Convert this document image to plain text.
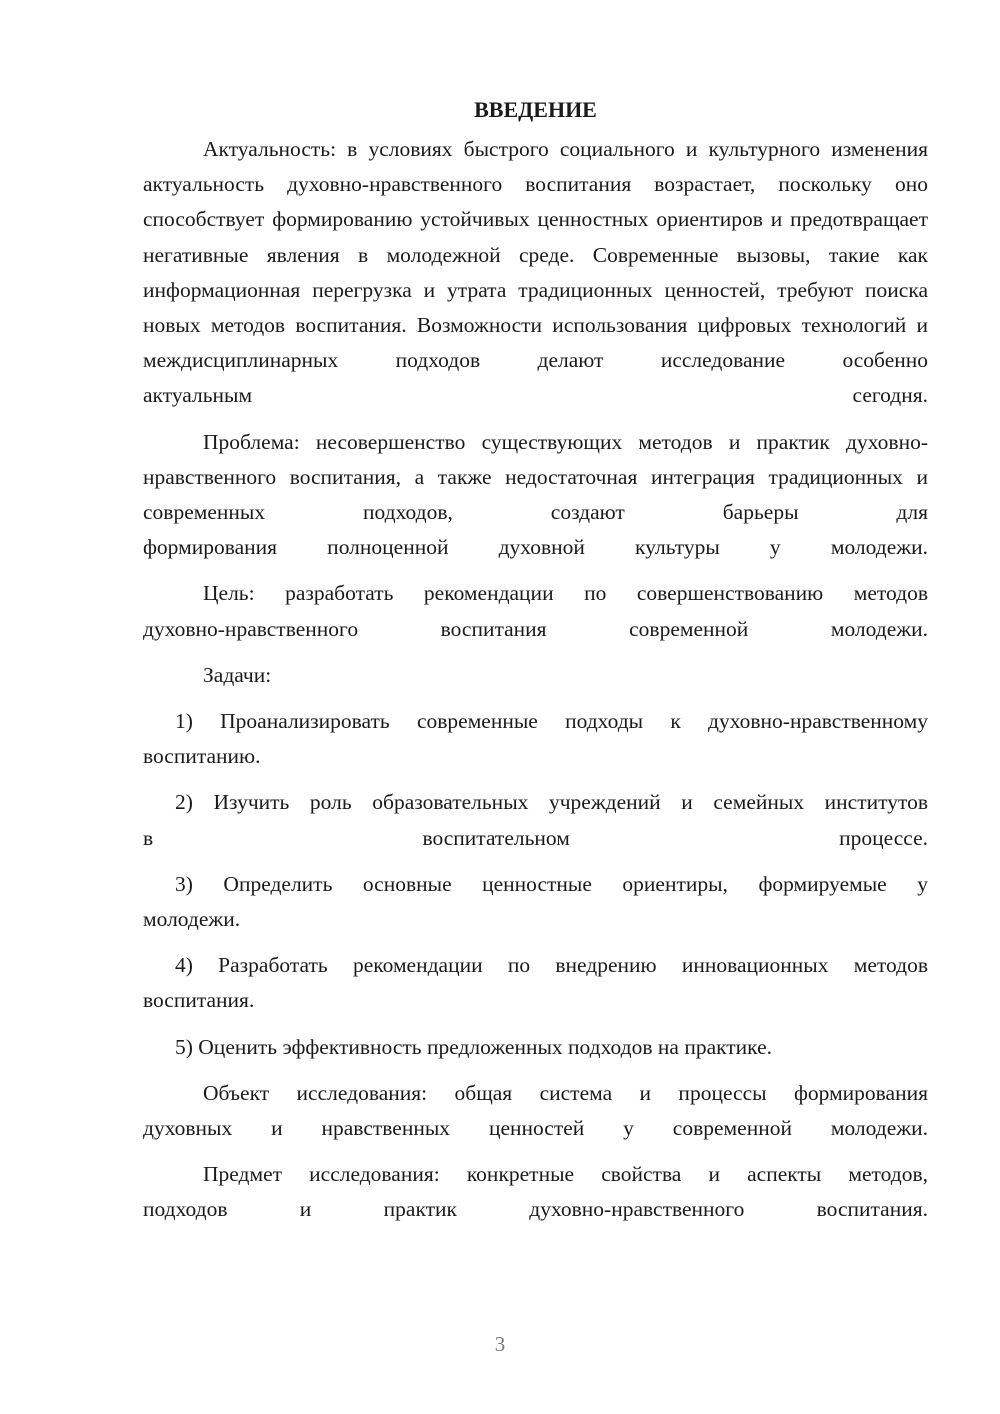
ВВЕДЕНИЕ

Актуальность: в условиях быстрого социального и культурного изменения актуальность духовно-нравственного воспитания возрастает, поскольку оно способствует формированию устойчивых ценностных ориентиров и предотвращает негативные явления в молодежной среде. Современные вызовы, такие как информационная перегрузка и утрата традиционных ценностей, требуют поиска новых методов воспитания. Возможности использования цифровых технологий и междисциплинарных подходов делают исследование особенно
актуальным сегодня.

Проблема: несовершенство существующих методов и практик духовно-нравственного воспитания, а также недостаточная интеграция традиционных и современных подходов, создают барьеры для
формирования полноценной духовной культуры у молодежи.

Цель: разработать рекомендации по совершенствованию методов
духовно-нравственного воспитания современной молодежи.

Задачи:

1) Проанализировать современные подходы к духовно-нравственному
воспитанию.

2) Изучить роль образовательных учреждений и семейных институтов
в воспитательном процессе.

3) Определить основные ценностные ориентиры, формируемые у
молодежи.

4) Разработать рекомендации по внедрению инновационных методов
воспитания.

5) Оценить эффективность предложенных подходов на практике.

Объект исследования: общая система и процессы формирования
духовных и нравственных ценностей у современной молодежи.

Предмет исследования: конкретные свойства и аспекты методов,
подходов и практик духовно-нравственного воспитания.

3
